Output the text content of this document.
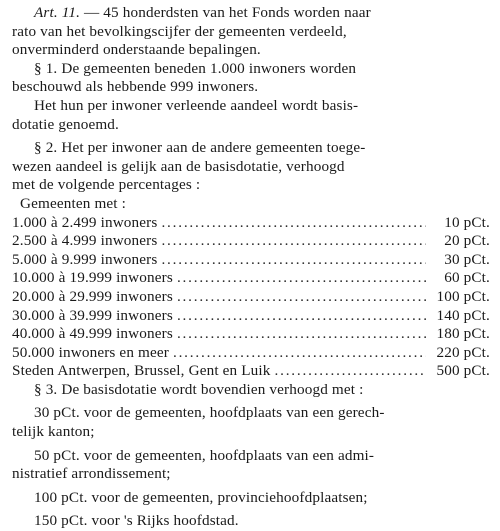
Art. 11. — 45 honderdsten van het Fonds worden naar
rato van het bevolkingscijfer der gemeenten verdeeld,
onverminderd onderstaande bepalingen.
§ 1. De gemeenten beneden 1.000 inwoners worden
beschouwd als hebbende 999 inwoners.
Het hun per inwoner verleende aandeel wordt basis-
dotatie genoemd.
§ 2. Het per inwoner aan de andere gemeenten toege-
wezen aandeel is gelijk aan de basisdotatie, verhoogd
met de volgende percentages :
Gemeenten met :
1.000 à 2.499 inwoners .....	10 pCt.
2.500 à 4.999 inwoners .....	20 pCt.
5.000 à 9.999 inwoners .....	30 pCt.
10.000 à 19.999 inwoners .....	60 pCt.
20.000 à 29.999 inwoners .....	100 pCt.
30.000 à 39.999 inwoners .....	140 pCt.
40.000 à 49.999 inwoners .....	180 pCt.
50.000 inwoners en meer .....	220 pCt.
Steden Antwerpen, Brussel, Gent en Luik .....	500 pCt.
§ 3. De basisdotatie wordt bovendien verhoogd met :
30 pCt. voor de gemeenten, hoofdplaats van een gerech-
telijk kanton;
50 pCt. voor de gemeenten, hoofdplaats van een admi-
nistratief arrondissement;
100 pCt. voor de gemeenten, provinciehoofdplaatsen;
150 pCt. voor 's Rijks hoofdstad.
